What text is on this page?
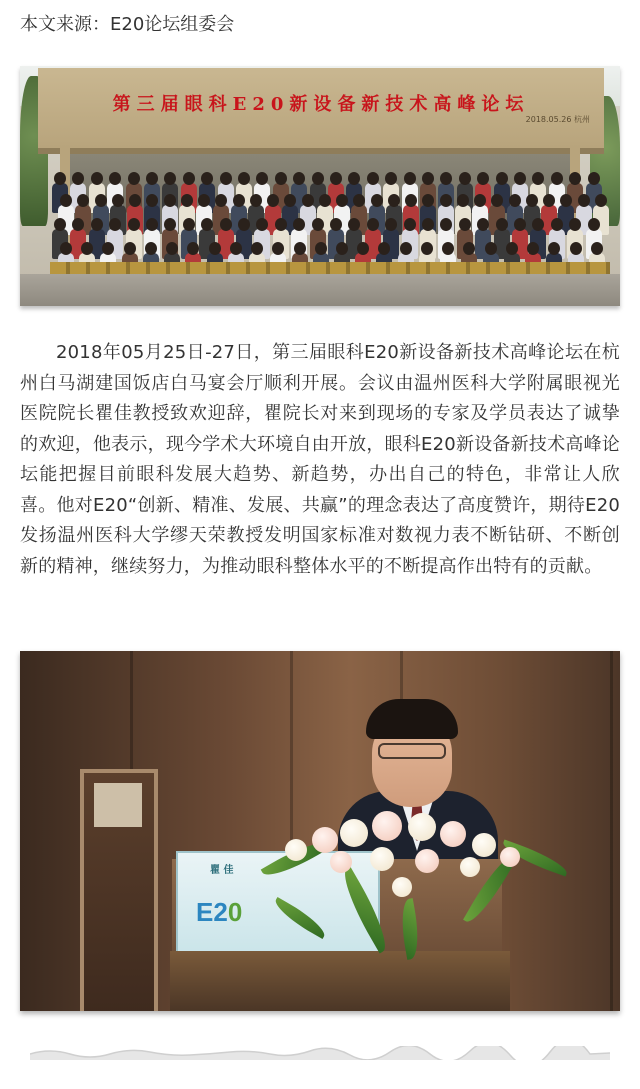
本文来源：E20论坛组委会
第三届眼科E20新设备新技术高峰论坛
2018.05.26 杭州

2018年05月25日-27日，第三届眼科E20新设备新技术高峰论坛在杭州白马湖建国饭店白马宴会厅顺利开展。会议由温州医科大学附属眼视光医院院长瞿佳教授致欢迎辞，瞿院长对来到现场的专家及学员表达了诚挚的欢迎，他表示，现今学术大环境自由开放，眼科E20新设备新技术高峰论坛能把握目前眼科发展大趋势、新趋势，办出自己的特色，非常让人欣喜。他对E20“创新、精准、发展、共赢”的理念表达了高度赞许，期待E20发扬温州医科大学缪天荣教授发明国家标准对数视力表不断钻研、不断创新的精神，继续努力，为推动眼科整体水平的不断提高作出特有的贡献。

瞿 佳
E20
